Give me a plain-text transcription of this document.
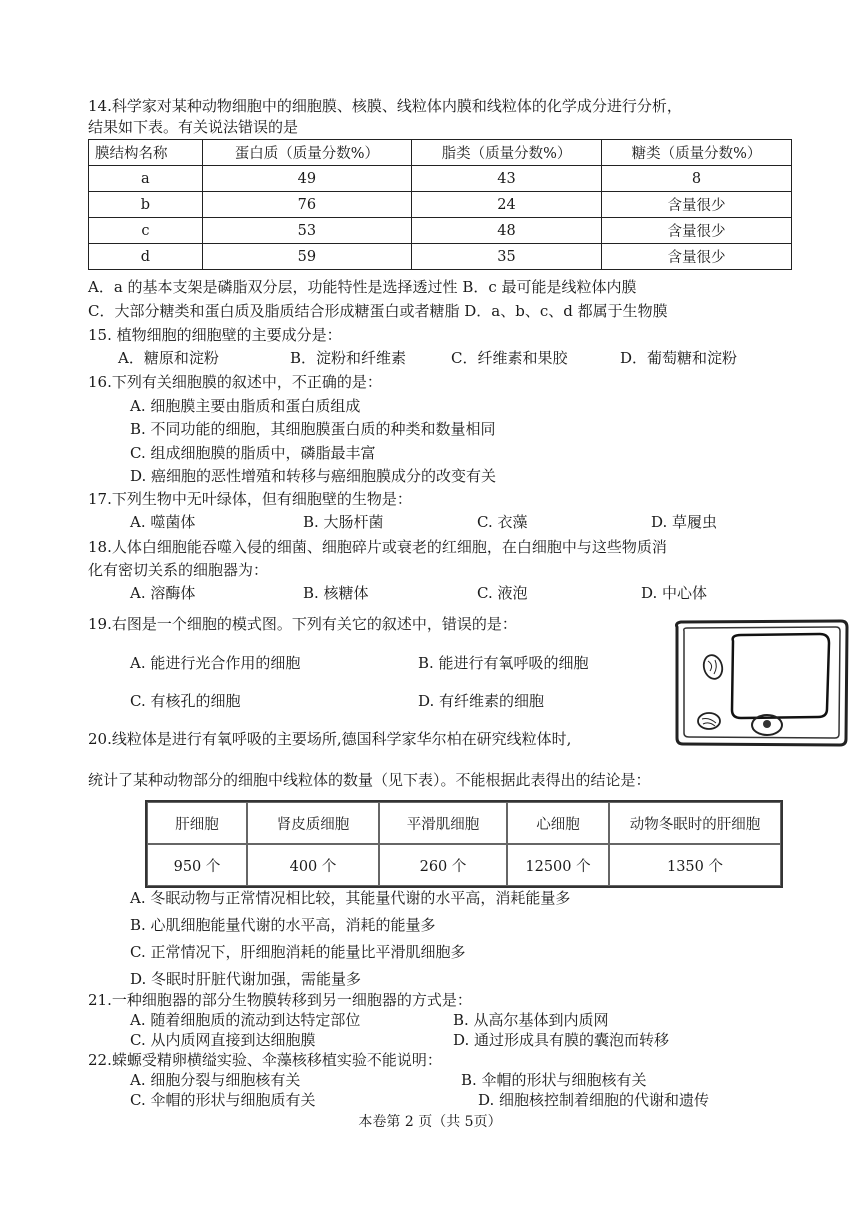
14.科学家对某种动物细胞中的细胞膜、核膜、线粒体内膜和线粒体的化学成分进行分析，
结果如下表。有关说法错误的是
膜结构名称	蛋白质（质量分数%）	脂类（质量分数%）	糖类（质量分数%）
a	49	43	8
b	76	24	含量很少
c	53	48	含量很少
d	59	35	含量很少
A．a 的基本支架是磷脂双分层，功能特性是选择透过性 B．c 最可能是线粒体内膜
C．大部分糖类和蛋白质及脂质结合形成糖蛋白或者糖脂 D．a、b、c、d 都属于生物膜
15. 植物细胞的细胞壁的主要成分是：
A．糖原和淀粉	B．淀粉和纤维素	C．纤维素和果胶	D．葡萄糖和淀粉
16.下列有关细胞膜的叙述中，不正确的是：
A. 细胞膜主要由脂质和蛋白质组成
B. 不同功能的细胞，其细胞膜蛋白质的种类和数量相同
C. 组成细胞膜的脂质中，磷脂最丰富
D. 癌细胞的恶性增殖和转移与癌细胞膜成分的改变有关
17.下列生物中无叶绿体，但有细胞壁的生物是：
A. 噬菌体	B. 大肠杆菌	C. 衣藻	D. 草履虫
18.人体白细胞能吞噬入侵的细菌、细胞碎片或衰老的红细胞，在白细胞中与这些物质消
化有密切关系的细胞器为：
A. 溶酶体	B. 核糖体	C. 液泡	D. 中心体
19.右图是一个细胞的模式图。下列有关它的叙述中，错误的是：
A. 能进行光合作用的细胞	B. 能进行有氧呼吸的细胞
C. 有核孔的细胞	D. 有纤维素的细胞
20.线粒体是进行有氧呼吸的主要场所,德国科学家华尔柏在研究线粒体时,
统计了某种动物部分的细胞中线粒体的数量（见下表）。不能根据此表得出的结论是：
肝细胞	肾皮质细胞	平滑肌细胞	心细胞	动物冬眠时的肝细胞
950 个	400 个	260 个	12500 个	1350 个
A. 冬眠动物与正常情况相比较，其能量代谢的水平高，消耗能量多
B. 心肌细胞能量代谢的水平高，消耗的能量多
C. 正常情况下，肝细胞消耗的能量比平滑肌细胞多
D. 冬眠时肝脏代谢加强，需能量多
21.一种细胞器的部分生物膜转移到另一细胞器的方式是：
A. 随着细胞质的流动到达特定部位	B. 从高尔基体到内质网
C. 从内质网直接到达细胞膜	D. 通过形成具有膜的囊泡而转移
22.蝾螈受精卵横缢实验、伞藻核移植实验不能说明：
A. 细胞分裂与细胞核有关	B. 伞帽的形状与细胞核有关
C. 伞帽的形状与细胞质有关	D. 细胞核控制着细胞的代谢和遗传
本卷第 2 页（共 5页）
